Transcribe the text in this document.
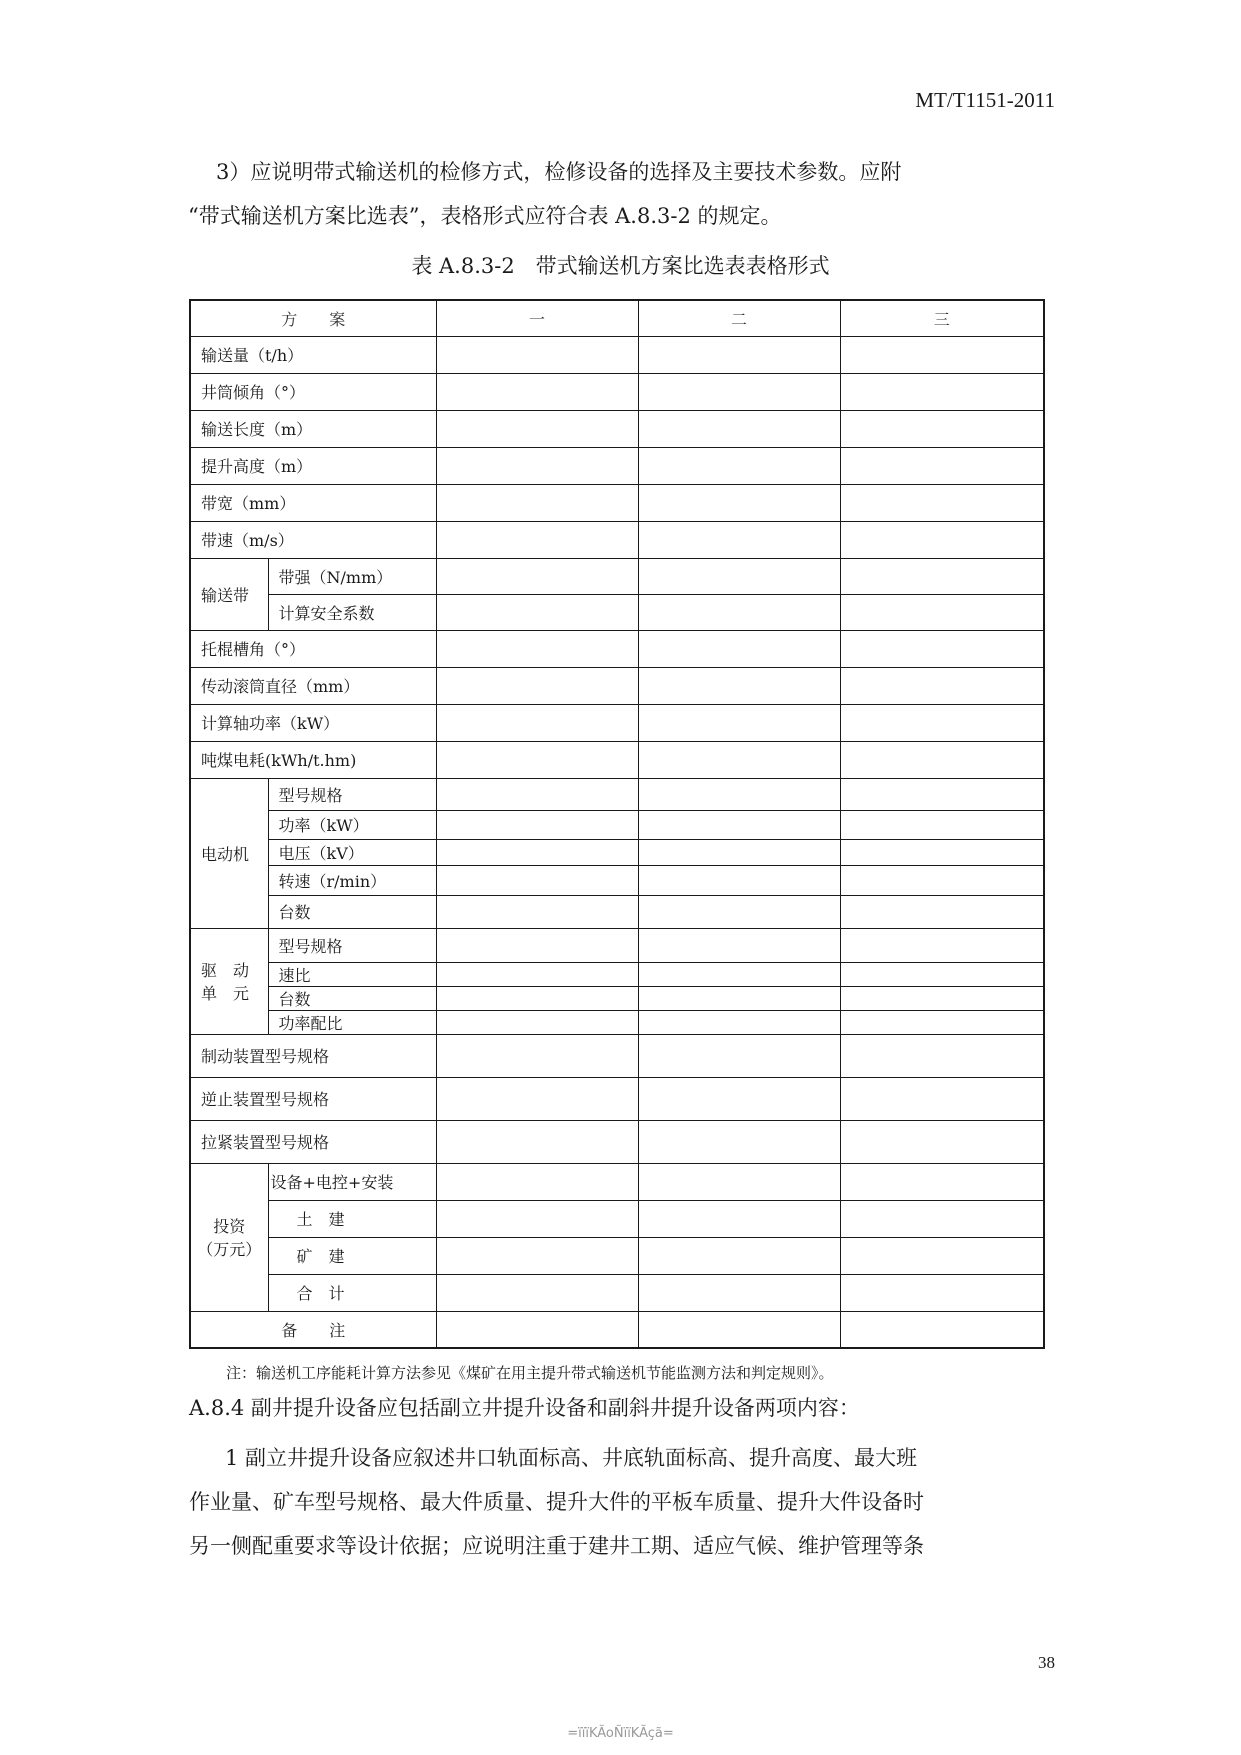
MT/T1151-2011
3）应说明带式输送机的检修方式，检修设备的选择及主要技术参数。应附
“带式输送机方案比选表”，表格形式应符合表 A.8.3-2 的规定。
表 A.8.3-2　带式输送机方案比选表表格形式
方　　案		一	二	三
输送量（t/h）				
井筒倾角（°）				
输送长度（m）				
提升高度（m）				
带宽（mm）				
带速（m/s）				
输送带	带强（N/mm）			
	计算安全系数			
托棍槽角（°）				
传动滚筒直径（mm）				
计算轴功率（kW）				
吨煤电耗(kWh/t.hm)				
电动机	型号规格			
	功率（kW）			
	电压（kV）			
	转速（r/min）			
	台数			

驱　动
单　元	型号规格			
	速比			
	台数			
	功率配比			
制动装置型号规格				
逆止装置型号规格				
拉紧装置型号规格				

投资
（万元）	设备+电控+安装			
	土　建			
	矿　建			
	合　计			
备　　注				
注：输送机工序能耗计算方法参见《煤矿在用主提升带式输送机节能监测方法和判定规则》。
A.8.4 副井提升设备应包括副立井提升设备和副斜井提升设备两项内容：
1 副立井提升设备应叙述井口轨面标高、井底轨面标高、提升高度、最大班
作业量、矿车型号规格、最大件质量、提升大件的平板车质量、提升大件设备时
另一侧配重要求等设计依据；应说明注重于建井工期、适应气候、维护管理等条
38
=ïïïKÃoÑïïKÃçã=
